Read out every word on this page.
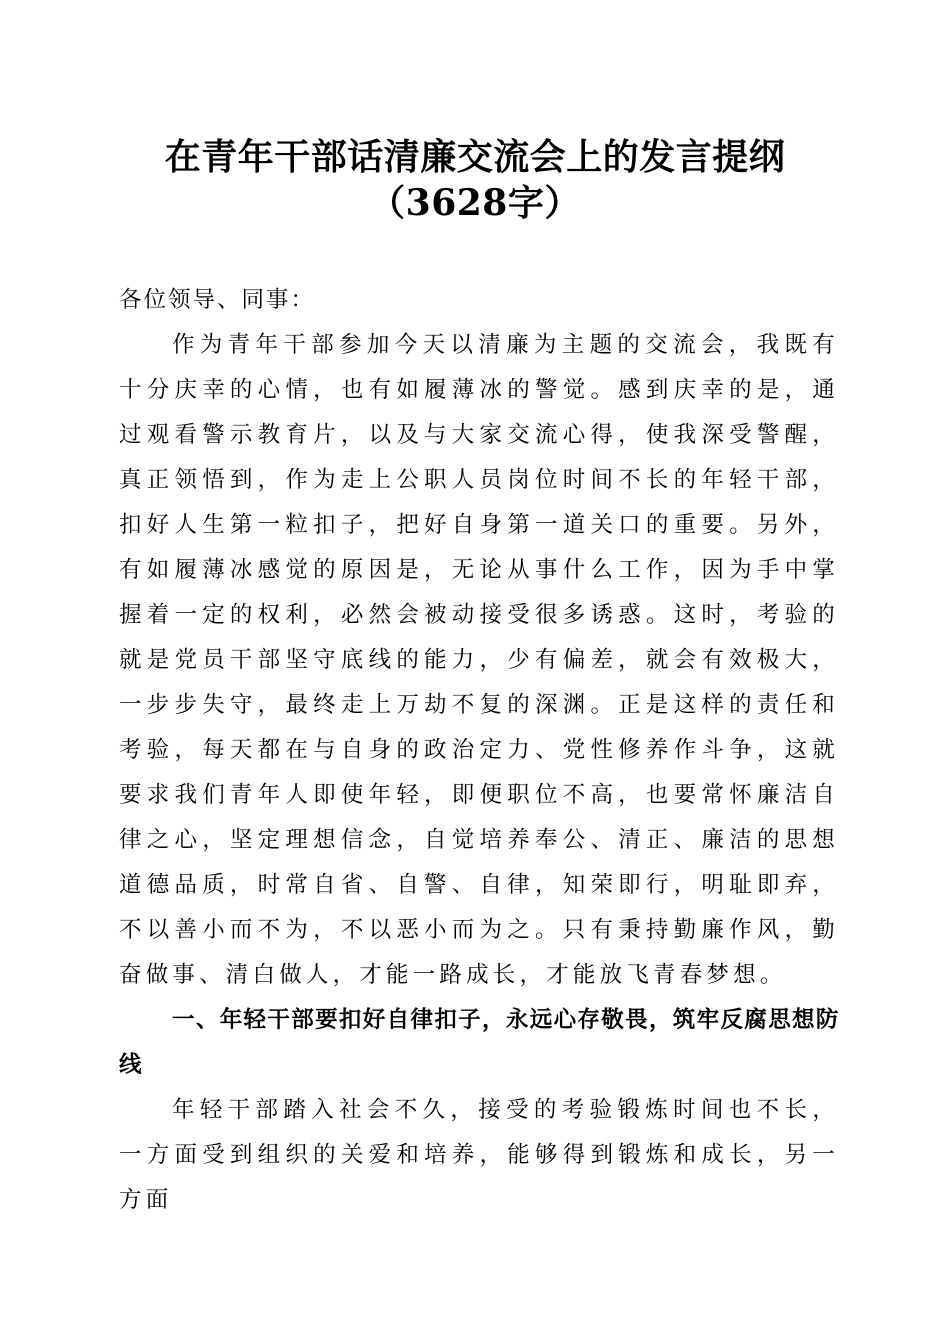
在青年干部话清廉交流会上的发言提纲（3628字）

各位领导、同事：

作为青年干部参加今天以清廉为主题的交流会，我既有十分庆幸的心情，也有如履薄冰的警觉。感到庆幸的是，通过观看警示教育片，以及与大家交流心得，使我深受警醒，真正领悟到，作为走上公职人员岗位时间不长的年轻干部，扣好人生第一粒扣子，把好自身第一道关口的重要。另外，有如履薄冰感觉的原因是，无论从事什么工作，因为手中掌握着一定的权利，必然会被动接受很多诱惑。这时，考验的就是党员干部坚守底线的能力，少有偏差，就会有效极大，一步步失守，最终走上万劫不复的深渊。正是这样的责任和考验，每天都在与自身的政治定力、党性修养作斗争，这就要求我们青年人即使年轻，即便职位不高，也要常怀廉洁自律之心，坚定理想信念，自觉培养奉公、清正、廉洁的思想道德品质，时常自省、自警、自律，知荣即行，明耻即弃，不以善小而不为，不以恶小而为之。只有秉持勤廉作风，勤奋做事、清白做人，才能一路成长，才能放飞青春梦想。

一、年轻干部要扣好自律扣子，永远心存敬畏，筑牢反腐思想防线

年轻干部踏入社会不久，接受的考验锻炼时间也不长，一方面受到组织的关爱和培养，能够得到锻炼和成长，另一方面
